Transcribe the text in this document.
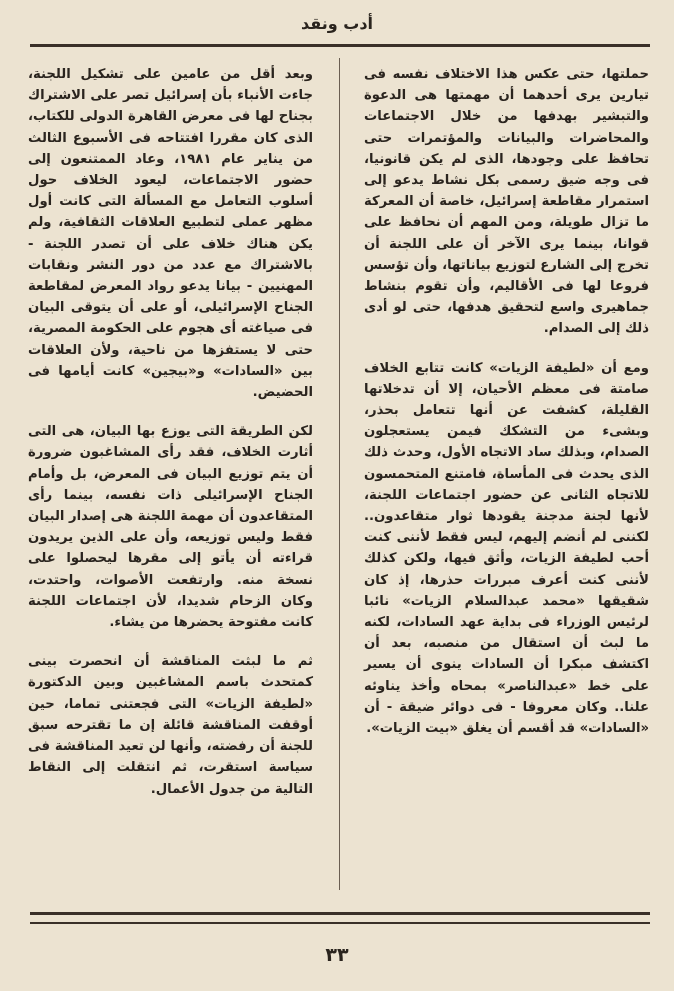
أدب ونقد

حملتها، حتى عكس هذا الاختلاف نفسه فى تيارين يرى أحدهما أن مهمتها هى الدعوة والتبشير بهدفها من خلال الاجتماعات والمحاضرات والبيانات والمؤتمرات حتى تحافظ على وجودها، الذى لم يكن قانونيا، فى وجه ضيق رسمى بكل نشاط يدعو إلى استمرار مقاطعة إسرائيل، خاصة أن المعركة ما تزال طويلة، ومن المهم أن نحافظ على قوانا، بينما يرى الآخر أن على اللجنة أن تخرج إلى الشارع لتوزيع بياناتها، وأن تؤسس فروعا لها فى الأقاليم، وأن تقوم بنشاط جماهيرى واسع لتحقيق هدفها، حتى لو أدى ذلك إلى الصدام.

ومع أن «لطيفة الزيات» كانت تتابع الخلاف صامتة فى معظم الأحيان، إلا أن تدخلاتها القليلة، كشفت عن أنها تتعامل بحذر، وبشىء من التشكك فيمن يستعجلون الصدام، وبذلك ساد الاتجاه الأول، وحدث ذلك الذى يحدث فى المأساة، فامتنع المتحمسون للاتجاه الثانى عن حضور اجتماعات اللجنة، لأنها لجنة مدجنة يقودها ثوار متقاعدون.. لكننى لم أنضم إليهم، ليس فقط لأننى كنت أحب لطيفة الزيات، وأثق فيها، ولكن كذلك لأننى كنت أعرف مبررات حذرها، إذ كان شقيقها «محمد عبدالسلام الزيات» نائبا لرئيس الوزراء فى بداية عهد السادات، لكنه ما لبث أن استقال من منصبه، بعد أن اكتشف مبكرا أن السادات ينوى أن يسير على خط «عبدالناصر» بمحاه وأخذ يناوئه علنا.. وكان معروفا - فى دوائر ضيقة - أن «السادات» قد أقسم أن يغلق «بيت الزيات».

وبعد أقل من عامين على تشكيل اللجنة، جاءت الأنباء بأن إسرائيل تصر على الاشتراك بجناح لها فى معرض القاهرة الدولى للكتاب، الذى كان مقررا افتتاحه فى الأسبوع الثالث من يناير عام ١٩٨١، وعاد الممتنعون إلى حضور الاجتماعات، ليعود الخلاف حول أسلوب التعامل مع المسألة التى كانت أول مظهر عملى لتطبيع العلاقات الثقافية، ولم يكن هناك خلاف على أن تصدر اللجنة - بالاشتراك مع عدد من دور النشر ونقابات المهنيين - بيانا يدعو رواد المعرض لمقاطعة الجناح الإسرائيلى، أو على أن يتوقى البيان فى صياغته أى هجوم على الحكومة المصرية، حتى لا يستفزها من ناحية، ولأن العلاقات بين «السادات» و«بيجين» كانت أيامها فى الحضيض.

لكن الطريقة التى يوزع بها البيان، هى التى أثارت الخلاف، فقد رأى المشاغبون ضرورة أن يتم توزيع البيان فى المعرض، بل وأمام الجناح الإسرائيلى ذات نفسه، بينما رأى المتقاعدون أن مهمة اللجنة هى إصدار البيان فقط وليس توزيعه، وأن على الذين يريدون قراءته أن يأتو إلى مقرها ليحصلوا على نسخة منه. وارتفعت الأصوات، واحتدت، وكان الزحام شديدا، لأن اجتماعات اللجنة كانت مفتوحة يحضرها من يشاء.

ثم ما لبثت المناقشة أن انحصرت بينى كمتحدث باسم المشاغبين وبين الدكتورة «لطيفة الزيات» التى فجعتنى تماما، حين أوقفت المناقشة قائلة إن ما تقترحه سبق للجنة أن رفضته، وأنها لن تعيد المناقشة فى سياسة استقرت، ثم انتقلت إلى النقاط التالية من جدول الأعمال.

٣٣
